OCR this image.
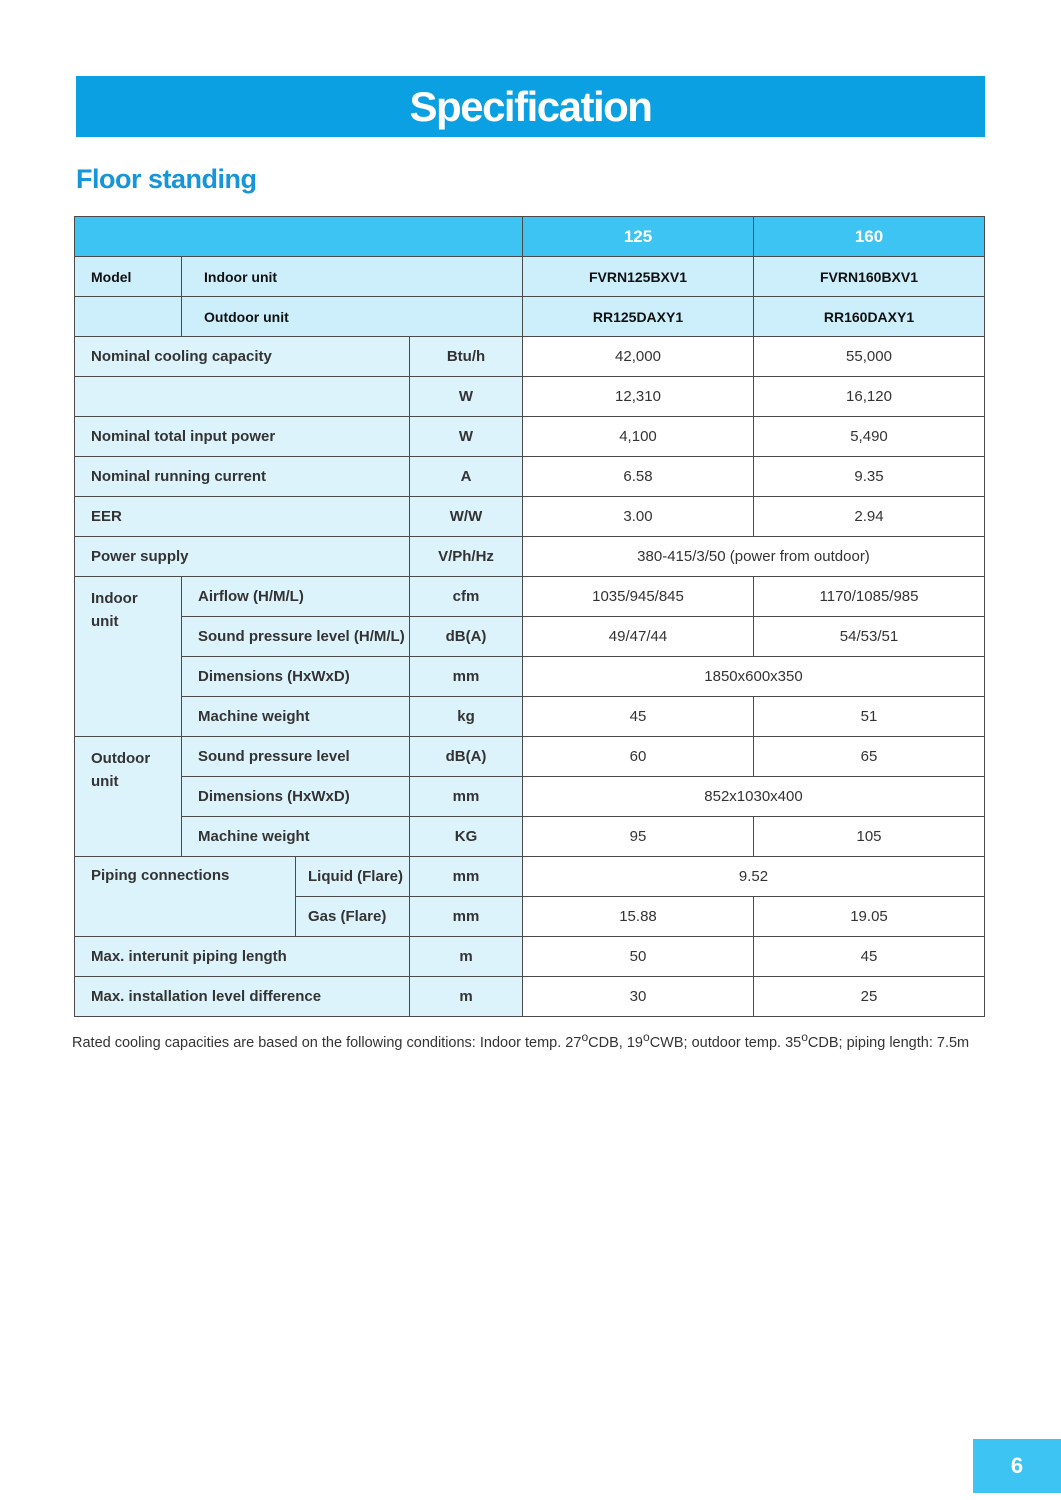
Specification
Floor standing
				125	160
Model	Indoor unit			FVRN125BXV1	FVRN160BXV1
	Outdoor unit			RR125DAXY1	RR160DAXY1
Nominal cooling capacity			Btu/h	42,000	55,000
			W	12,310	16,120
Nominal total input power			W	4,100	5,490
Nominal running current			A	6.58	9.35
EER			W/W	3.00	2.94
Power supply			V/Ph/Hz	380-415/3/50 (power from outdoor)	

Indoor
unit	Airflow (H/M/L)		cfm	1035/945/845	1170/1085/985
	Sound pressure level (H/M/L)		dB(A)	49/47/44	54/53/51
	Dimensions (HxWxD)		mm	1850x600x350	
	Machine weight		kg	45	51

Outdoor
unit	Sound pressure level		dB(A)	60	65
	Dimensions (HxWxD)		mm	852x1030x400	
	Machine weight		KG	95	105
Piping connections		Liquid (Flare)	mm	9.52	
		Gas (Flare)	mm	15.88	19.05
Max. interunit piping length			m	50	45
Max. installation level difference			m	30	25
Rated cooling capacities are based on the following conditions: Indoor temp. 27$^o$CDB, 19$^o$CWB; outdoor temp. 35$^o$CDB; piping length: 7.5m
6
